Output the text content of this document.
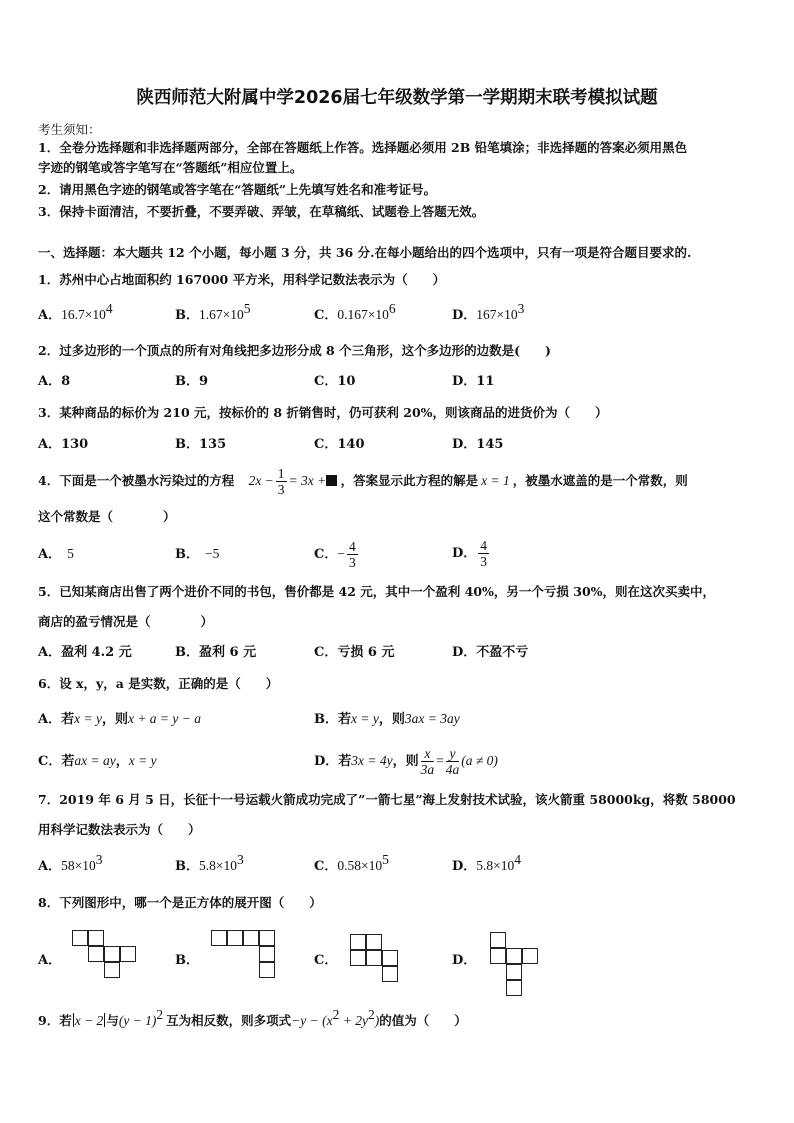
陕西师范大附属中学2026届七年级数学第一学期期末联考模拟试题
考生须知：
1．全卷分选择题和非选择题两部分，全部在答题纸上作答。选择题必须用 2B 铅笔填涂；非选择题的答案必须用黑色
字迹的钢笔或答字笔写在“答题纸”相应位置上。
2．请用黑色字迹的钢笔或答字笔在“答题纸”上先填写姓名和准考证号。
3．保持卡面清洁，不要折叠，不要弄破、弄皱，在草稿纸、试题卷上答题无效。
一、选择题：本大题共 12 个小题，每小题 3 分，共 36 分.在每小题给出的四个选项中，只有一项是符合题目要求的.
1．苏州中心占地面积约 167000 平方米，用科学记数法表示为（　　）
A．$16.7\times 10^4$	B．$1.67\times 10^5$	C．$0.167\times 10^6$	D．$167\times 10^3$
2．过多边形的一个顶点的所有对角线把多边形分成 8 个三角形，这个多边形的边数是(　　)
A．8	B．9	C．10	D．11
3．某种商品的标价为 210 元，按标价的 8 折销售时，仍可获利 20%，则该商品的进货价为（　　）
A．130	B．135	C．140	D．145
4．下面是一个被墨水污染过的方程 $2x - \frac{1}{3} = 3x$ + ，答案显示此方程的解是 x = 1 ，被墨水遮盖的是一个常数，则
这个常数是（　　　　）
A． 5	B． −5	C．− $\frac{4}{3}$	D． $\frac{4}{3}$
5．已知某商店出售了两个进价不同的书包，售价都是 42 元，其中一个盈利 40%，另一个亏损 30%，则在这次买卖中，
商店的盈亏情况是（　　　　）
A．盈利 4.2 元	B．盈利 6 元	C．亏损 6 元	D．不盈不亏
6．设 x，y，a 是实数，正确的是（　　）
A．若x = y，则x + a = y − a	B．若x = y，则3ax = 3ay
C．若ax = ay，x = y	D．若3x = 4y，则 $\frac{x}{3a} = \frac{y}{4a} (a \ne 0)$
7．2019 年 6 月 5 日，长征十一号运载火箭成功完成了”一箭七星”海上发射技术试验，该火箭重 58000kg，将数 58000
用科学记数法表示为（　　）
A．$58\times 10^3$	B．$5.8\times 10^3$	C．$0.58\times 10^5$	D．$5.8\times 10^4$
8．下列图形中，哪一个是正方体的展开图（　　）
A．	B．	C．	D．
9．若 x − 2 与$(y - 1)^2$ 互为相反数，则多项式$-y - (x^2 + 2y^2)$的值为（　　）
